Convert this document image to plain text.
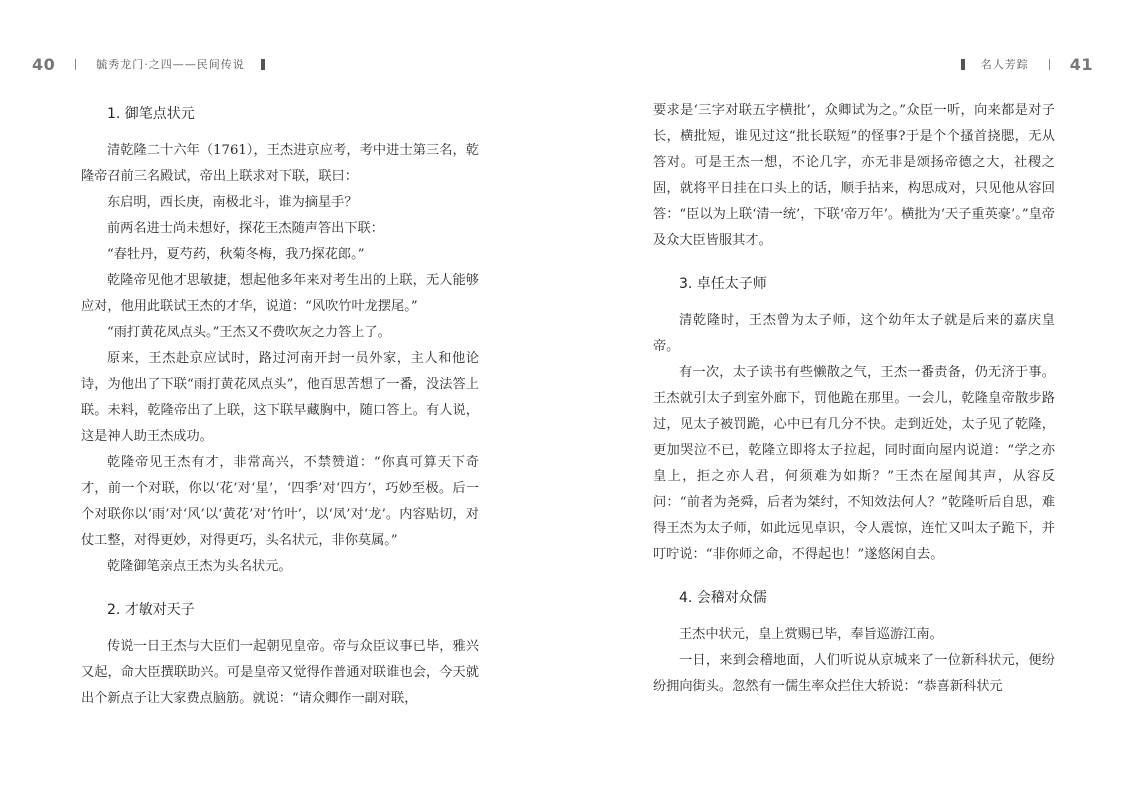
40	毓秀龙门·之四——民间传说
1. 御笔点状元

清乾隆二十六年（1761），王杰进京应考，考中进士第三名，乾隆帝召前三名殿试，帝出上联求对下联，联曰：

东启明，西长庚，南极北斗，谁为摘星手？

前两名进士尚未想好，探花王杰随声答出下联：

“春牡丹，夏芍药，秋菊冬梅，我乃探花郎。”

乾隆帝见他才思敏捷，想起他多年来对考生出的上联，无人能够应对，他用此联试王杰的才华，说道：“风吹竹叶龙摆尾。”

“雨打黄花凤点头。”王杰又不费吹灰之力答上了。

原来，王杰赴京应试时，路过河南开封一员外家，主人和他论诗，为他出了下联“雨打黄花凤点头”，他百思苦想了一番，没法答上联。未料，乾隆帝出了上联，这下联早藏胸中，随口答上。有人说，这是神人助王杰成功。

乾隆帝见王杰有才，非常高兴，不禁赞道：“你真可算天下奇才，前一个对联，你以‘花’对‘星’，‘四季’对‘四方’，巧妙至极。后一个对联你以‘雨’对‘风’以‘黄花’对‘竹叶’，以‘凤’对‘龙’。内容贴切，对仗工整，对得更妙，对得更巧，头名状元，非你莫属。”

乾隆御笔亲点王杰为头名状元。

2. 才敏对天子

传说一日王杰与大臣们一起朝见皇帝。帝与众臣议事已毕，雅兴又起，命大臣撰联助兴。可是皇帝又觉得作普通对联谁也会，今天就出个新点子让大家费点脑筋。就说：“请众卿作一副对联，

名人芳踪	41

要求是‘三字对联五字横批’，众卿试为之。”众臣一听，向来都是对子长，横批短，谁见过这“批长联短”的怪事?于是个个搔首挠腮，无从答对。可是王杰一想，不论几字，亦无非是颂扬帝德之大，社稷之固，就将平日挂在口头上的话，顺手拈来，构思成对，只见他从容回答：“臣以为上联‘清一统’，下联‘帝万年’。横批为‘天子重英豪’。”皇帝及众大臣皆服其才。

3. 卓任太子师

清乾隆时，王杰曾为太子师，这个幼年太子就是后来的嘉庆皇帝。

有一次，太子读书有些懒散之气，王杰一番责备，仍无济于事。王杰就引太子到室外廊下，罚他跪在那里。一会儿，乾隆皇帝散步路过，见太子被罚跪，心中已有几分不快。走到近处，太子见了乾隆，更加哭泣不已，乾隆立即将太子拉起，同时面向屋内说道：“学之亦皇上，拒之亦人君，何须难为如斯？”王杰在屋闻其声，从容反问：“前者为尧舜，后者为桀纣，不知效法何人？”乾隆听后自思，难得王杰为太子师，如此远见卓识，令人震惊，连忙又叫太子跪下，并叮咛说：“非你师之命，不得起也！”遂悠闲自去。

4. 会稽对众儒

王杰中状元，皇上赏赐已毕，奉旨巡游江南。

一日，来到会稽地面，人们听说从京城来了一位新科状元，便纷纷拥向街头。忽然有一儒生率众拦住大轿说：“恭喜新科状元
